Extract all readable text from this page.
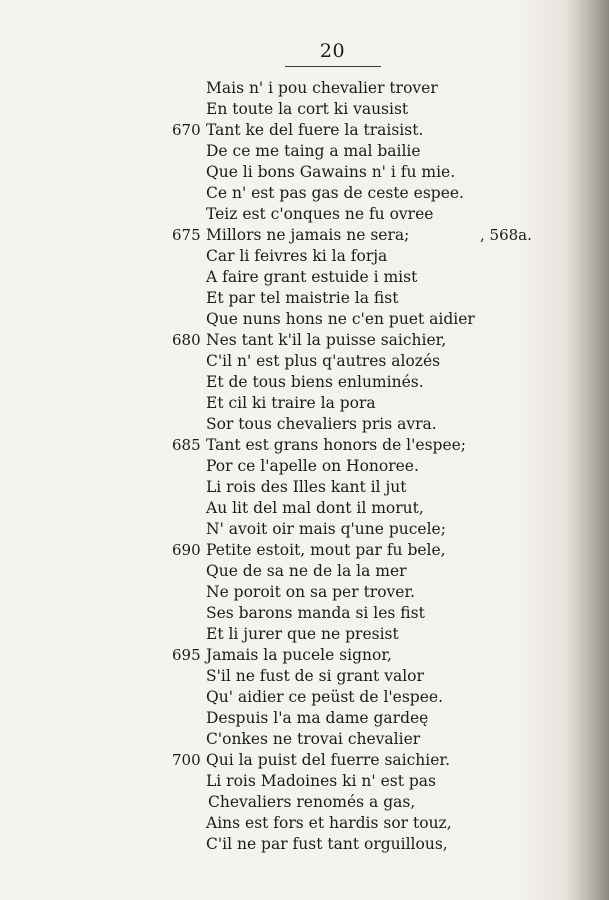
20
Mais n' i pou chevalier trover
En toute la cort ki vausist
670 Tant ke del fuere la traisist.
De ce me taing a mal bailie
Que li bons Gawains n' i fu mie.
Ce n' est pas gas de ceste espee.
Teiz est c'onques ne fu ovree
675 Millors ne jamais ne sera;	, 568a.
Car li feivres ki la forja
A faire grant estuide i mist
Et par tel maistrie la fist
Que nuns hons ne c'en puet aidier
680 Nes tant k'il la puisse saichier,
C'il n' est plus q'autres alozés
Et de tous biens enluminés.
Et cil ki traire la pora
Sor tous chevaliers pris avra.
685 Tant est grans honors de l'espee;
Por ce l'apelle on Honoree.
Li rois des Illes kant il jut
Au lit del mal dont il morut,
N' avoit oir mais q'une pucele;
690 Petite estoit, mout par fu bele,
Que de sa ne de la la mer
Ne poroit on sa per trover.
Ses barons manda si les fist
Et li jurer que ne presist
695 Jamais la pucele signor,
S'il ne fust de si grant valor
Qu' aidier ce peüst de l'espee.
Despuis l'a ma dame gardeę
C'onkes ne trovai chevalier
700 Qui la puist del fuerre saichier.
Li rois Madoines ki n' est pas
Chevaliers renomés a gas,
Ains est fors et hardis sor touz,
C'il ne par fust tant orguillous,
